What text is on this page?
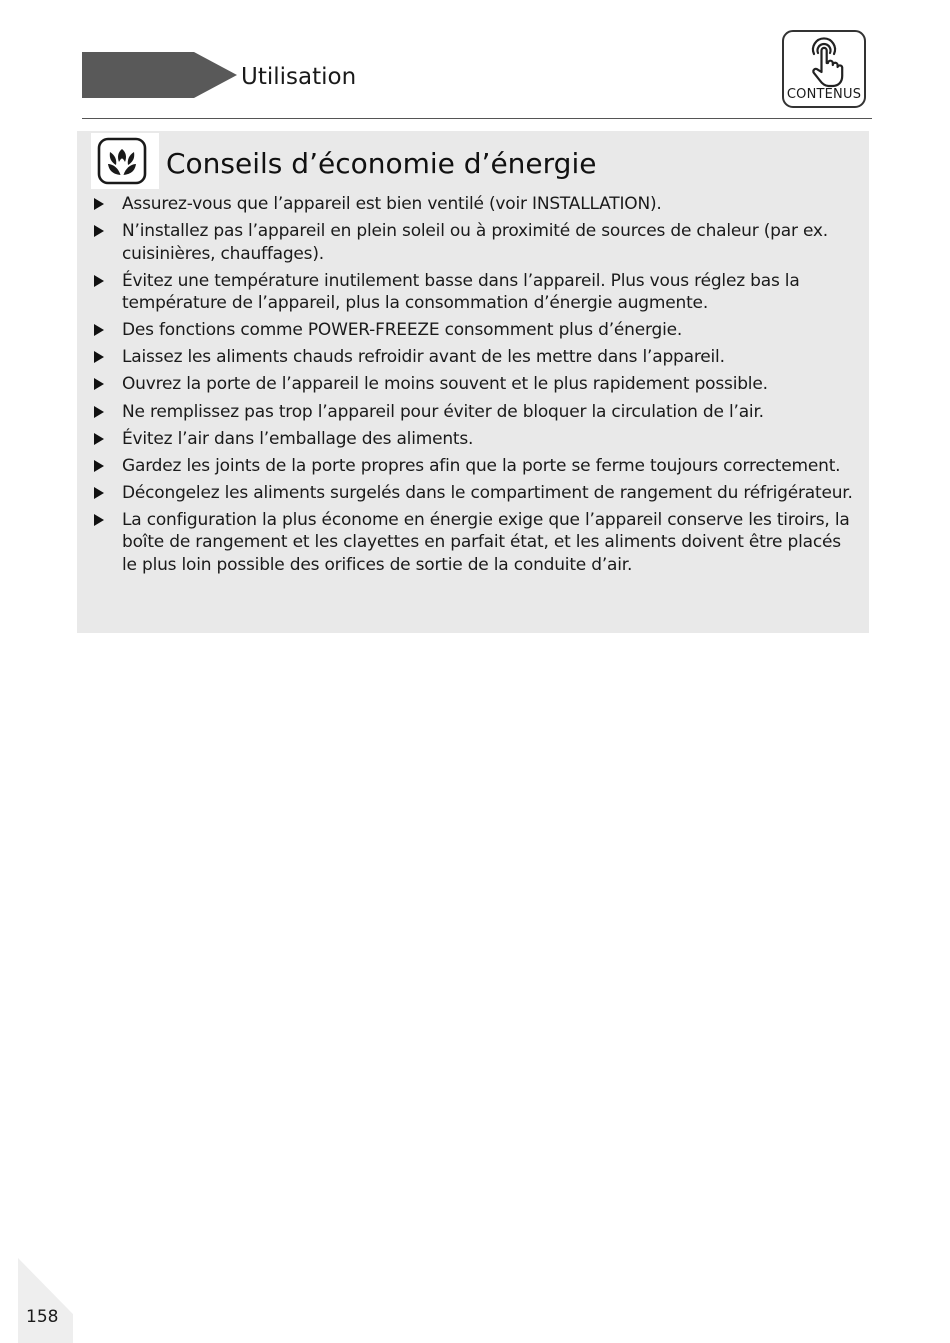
Utilisation
CONTENUS
Conseils d’économie d’énergie
Assurez-vous que l’appareil est bien ventilé (voir INSTALLATION).
N’installez pas l’appareil en plein soleil ou à proximité de sources de chaleur (par ex. cuisinières, chauffages).
Évitez une température inutilement basse dans l’appareil. Plus vous réglez bas la température de l’appareil, plus la consommation d’énergie augmente.
Des fonctions comme POWER-FREEZE consomment plus d’énergie.
Laissez les aliments chauds refroidir avant de les mettre dans l’appareil.
Ouvrez la porte de l’appareil le moins souvent et le plus rapidement possible.
Ne remplissez pas trop l’appareil pour éviter de bloquer la circulation de l’air.
Évitez l’air dans l’emballage des aliments.
Gardez les joints de la porte propres afin que la porte se ferme toujours correctement.
Décongelez les aliments surgelés dans le compartiment de rangement du réfrigérateur.
La configuration la plus économe en énergie exige que l’appareil conserve les tiroirs, la boîte de rangement et les clayettes en parfait état, et les aliments doivent être placés le plus loin possible des orifices de sortie de la conduite d’air.
158
